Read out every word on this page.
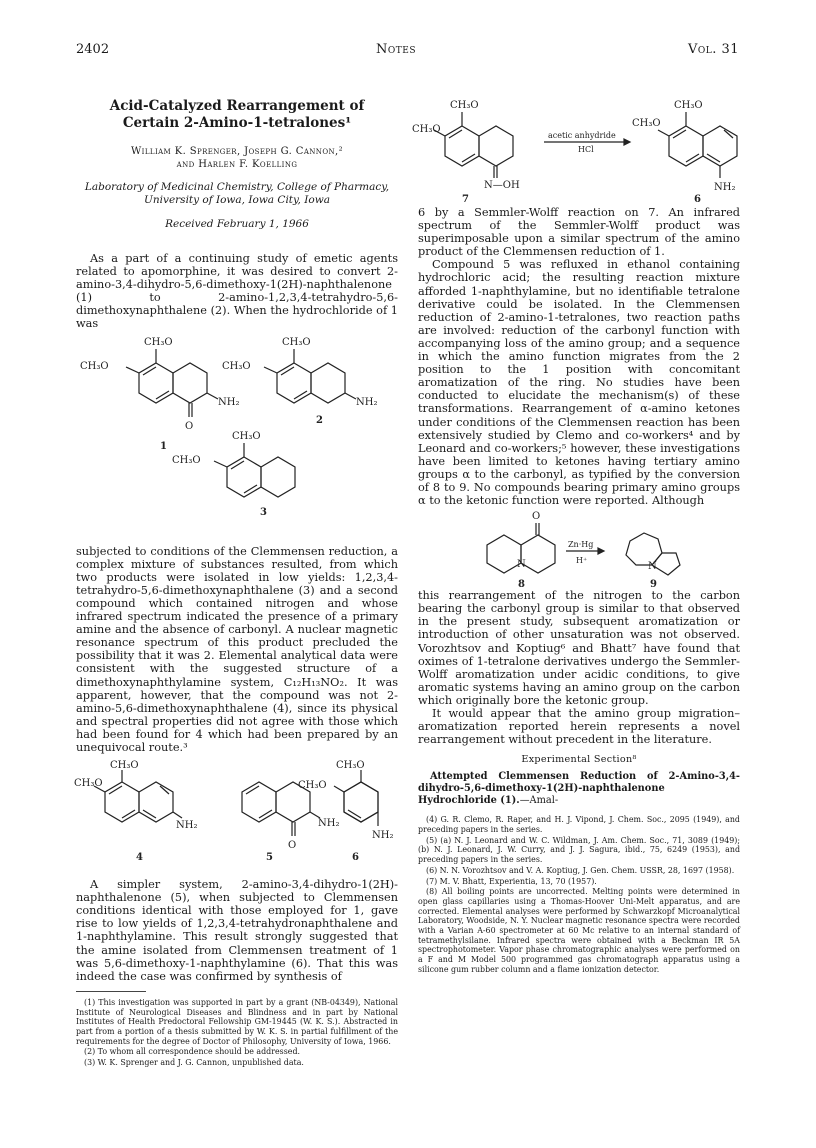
2402	Notes	Vol. 31
Acid-Catalyzed Rearrangement of
Certain 2-Amino-1-tetralones¹
William K. Sprenger, Joseph G. Cannon,²
and Harlen F. Koelling
Laboratory of Medicinal Chemistry, College of Pharmacy,
University of Iowa, Iowa City, Iowa
Received February 1, 1966

As a part of a continuing study of emetic agents related to apomorphine, it was desired to convert 2-amino-3,4-dihydro-5,6-dimethoxy-1(2H)-naphthalenone (1) to 2-amino-1,2,3,4-tetrahydro-5,6-dimethoxynaphthalene (2). When the hydrochloride of 1 was

CH₃O
CH₃O
O
NH₂
CH₃O
CH₃O
NH₂
CH₃O
CH₃O
1
2
3

subjected to conditions of the Clemmensen reduction, a complex mixture of substances resulted, from which two products were isolated in low yields: 1,2,3,4-tetrahydro-5,6-dimethoxynaphthalene (3) and a second compound which contained nitrogen and whose infrared spectrum indicated the presence of a primary amine and the absence of carbonyl. A nuclear magnetic resonance spectrum of this product precluded the possibility that it was 2. Elemental analytical data were consistent with the suggested structure of a dimethoxynaphthylamine system, C₁₂H₁₃NO₂. It was apparent, however, that the compound was not 2-amino-5,6-dimethoxynaphthalene (4), since its physical and spectral properties did not agree with those which had been found for 4 which had been prepared by an unequivocal route.³

CH₃O
CH₃O
NH₂
O
NH₂
CH₃O
CH₃O
NH₂
4	5	6

A simpler system, 2-amino-3,4-dihydro-1(2H)-naphthalenone (5), when subjected to Clemmensen conditions identical with those employed for 1, gave rise to low yields of 1,2,3,4-tetrahydronaphthalene and 1-naphthylamine. This result strongly suggested that the amine isolated from Clemmensen treatment of 1 was 5,6-dimethoxy-1-naphthylamine (6). That this was indeed the case was confirmed by synthesis of

(1) This investigation was supported in part by a grant (NB-04349), National Institute of Neurological Diseases and Blindness and in part by National Institutes of Health Predoctoral Fellowship GM-19445 (W. K. S.). Abstracted in part from a portion of a thesis submitted by W. K. S. in partial fulfillment of the requirements for the degree of Doctor of Philosophy, University of Iowa, 1966.

(2) To whom all correspondence should be addressed.

(3) W. K. Sprenger and J. G. Cannon, unpublished data.

CH₃O
CH₃O
N—OH
CH₃O
CH₃O
NH₂
acetic anhydride
HCl
7	6

6 by a Semmler-Wolff reaction on 7. An infrared spectrum of the Semmler-Wolff product was superimposable upon a similar spectrum of the amino product of the Clemmensen reduction of 1.

Compound 5 was refluxed in ethanol containing hydrochloric acid; the resulting reaction mixture afforded 1-naphthylamine, but no identifiable tetralone derivative could be isolated. In the Clemmensen reduction of 2-amino-1-tetralones, two reaction paths are involved: reduction of the carbonyl function with accompanying loss of the amino group; and a sequence in which the amino function migrates from the 2 position to the 1 position with concomitant aromatization of the ring. No studies have been conducted to elucidate the mechanism(s) of these transformations. Rearrangement of α-amino ketones under conditions of the Clemmensen reaction has been extensively studied by Clemo and co-workers⁴ and by Leonard and co-workers;⁵ however, these investigations have been limited to ketones having tertiary amino groups α to the carbonyl, as typified by the conversion of 8 to 9. No compounds bearing primary amino groups α to the ketonic function were reported. Although

O
N	N
Zn·Hg
H⁺
8	9

this rearrangement of the nitrogen to the carbon bearing the carbonyl group is similar to that observed in the present study, subsequent aromatization or introduction of other unsaturation was not observed. Vorozhtsov and Koptiug⁶ and Bhatt⁷ have found that oximes of 1-tetralone derivatives undergo the Semmler-Wolff aromatization under acidic conditions, to give aromatic systems having an amino group on the carbon which originally bore the ketonic group.

It would appear that the amino group migration–aromatization reported herein represents a novel rearrangement without precedent in the literature.

Experimental Section⁸

Attempted Clemmensen Reduction of 2-Amino-3,4-dihydro-5,6-dimethoxy-1(2H)-naphthalenone Hydrochloride (1).—Amal-

(4) G. R. Clemo, R. Raper, and H. J. Vipond, J. Chem. Soc., 2095 (1949), and preceding papers in the series.

(5) (a) N. J. Leonard and W. C. Wildman, J. Am. Chem. Soc., 71, 3089 (1949); (b) N. J. Leonard, J. W. Curry, and J. J. Sagura, ibid., 75, 6249 (1953), and preceding papers in the series.

(6) N. N. Vorozhtsov and V. A. Koptiug, J. Gen. Chem. USSR, 28, 1697 (1958).

(7) M. V. Bhatt, Experientia, 13, 70 (1957).

(8) All boiling points are uncorrected. Melting points were determined in open glass capillaries using a Thomas-Hoover Uni-Melt apparatus, and are corrected. Elemental analyses were performed by Schwarzkopf Microanalytical Laboratory, Woodside, N. Y. Nuclear magnetic resonance spectra were recorded with a Varian A-60 spectrometer at 60 Mc relative to an internal standard of tetramethylsilane. Infrared spectra were obtained with a Beckman IR 5A spectrophotometer. Vapor phase chromatographic analyses were performed on a F and M Model 500 programmed gas chromatograph apparatus using a silicone gum rubber column and a flame ionization detector.
